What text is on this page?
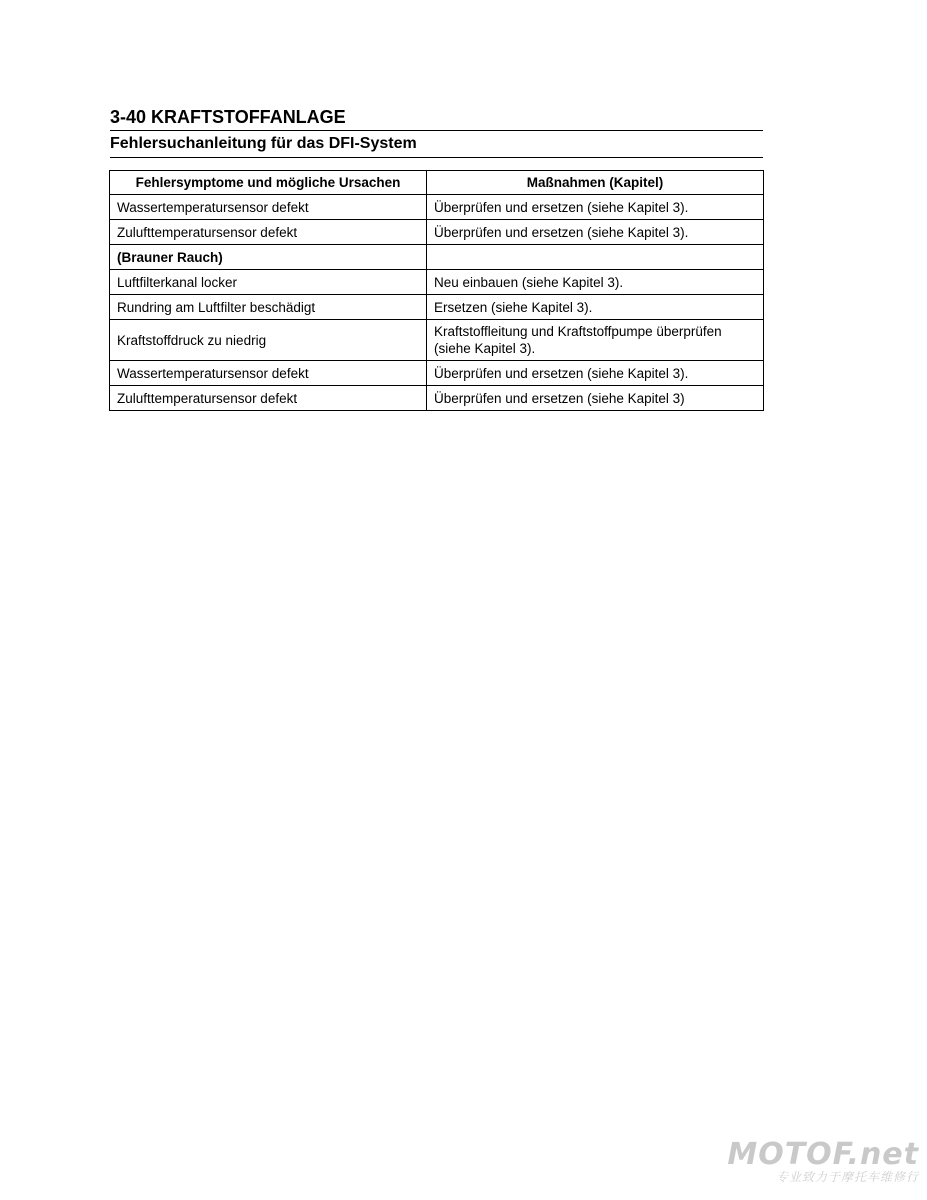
3-40 KRAFTSTOFFANLAGE
Fehlersuchanleitung für das DFI-System
Fehlersymptome und mögliche Ursachen	Maßnahmen (Kapitel)
Wassertemperatursensor defekt	Überprüfen und ersetzen (siehe Kapitel 3).
Zulufttemperatursensor defekt	Überprüfen und ersetzen (siehe Kapitel 3).
(Brauner Rauch)	
Luftfilterkanal locker	Neu einbauen (siehe Kapitel 3).
Rundring am Luftfilter beschädigt	Ersetzen (siehe Kapitel 3).
Kraftstoffdruck zu niedrig	Kraftstoffleitung und Kraftstoffpumpe überprüfen (siehe Kapitel 3).
Wassertemperatursensor defekt	Überprüfen und ersetzen (siehe Kapitel 3).
Zulufttemperatursensor defekt	Überprüfen und ersetzen (siehe Kapitel 3)
MOTOF.net
专业致力于摩托车维修行
